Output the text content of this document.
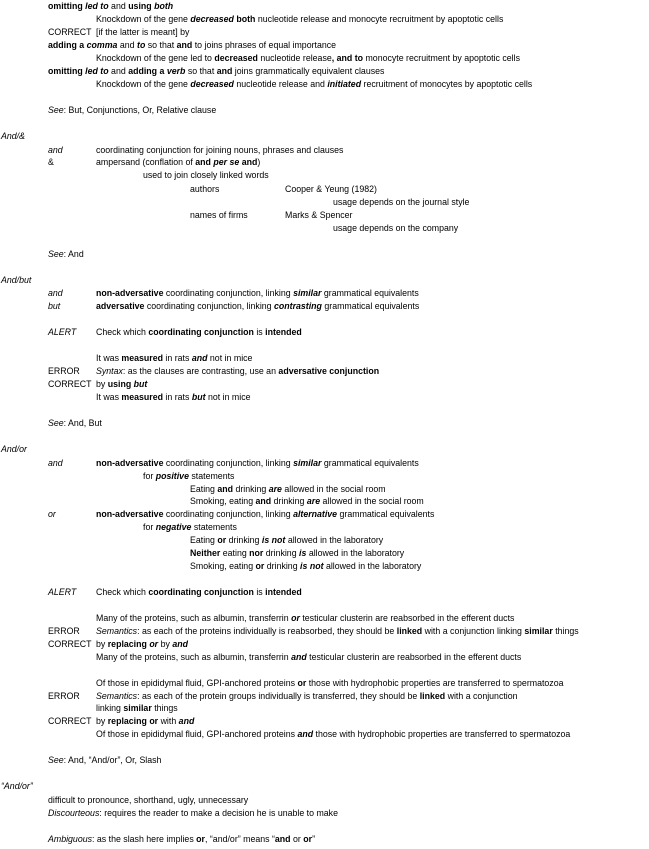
omitting led to and using both
Knockdown of the gene decreased both nucleotide release and monocyte recruitment by apoptotic cells
CORRECT [if the latter is meant] by
adding a comma and to so that and to joins phrases of equal importance
Knockdown of the gene led to decreased nucleotide release, and to monocyte recruitment by apoptotic cells
omitting led to and adding a verb so that and joins grammatically equivalent clauses
Knockdown of the gene decreased nucleotide release and initiated recruitment of monocytes by apoptotic cells
See: But, Conjunctions, Or, Relative clause
And/&
and	coordinating conjunction for joining nouns, phrases and clauses
&	ampersand (conflation of and per se and)
used to join closely linked words
authors	Cooper & Yeung (1982)
usage depends on the journal style
names of firms	Marks & Spencer
usage depends on the company
See: And
And/but
and	non-adversative coordinating conjunction, linking similar grammatical equivalents
but	adversative coordinating conjunction, linking contrasting grammatical equivalents
ALERT Check which coordinating conjunction is intended
It was measured in rats and not in mice
ERROR Syntax: as the clauses are contrasting, use an adversative conjunction
CORRECT by using but
It was measured in rats but not in mice
See: And, But
And/or
and	non-adversative coordinating conjunction, linking similar grammatical equivalents
for positive statements
Eating and drinking are allowed in the social room
Smoking, eating and drinking are allowed in the social room
or	non-adversative coordinating conjunction, linking alternative grammatical equivalents
for negative statements
Eating or drinking is not allowed in the laboratory
Neither eating nor drinking is allowed in the laboratory
Smoking, eating or drinking is not allowed in the laboratory
ALERT Check which coordinating conjunction is intended
Many of the proteins, such as albumin, transferrin or testicular clusterin are reabsorbed in the efferent ducts
ERROR Semantics: as each of the proteins individually is reabsorbed, they should be linked with a conjunction linking similar things
CORRECT by replacing or by and
Many of the proteins, such as albumin, transferrin and testicular clusterin are reabsorbed in the efferent ducts
Of those in epididymal fluid, GPI-anchored proteins or those with hydrophobic properties are transferred to spermatozoa
ERROR Semantics: as each of the protein groups individually is transferred, they should be linked with a conjunction
linking similar things
CORRECT by replacing or with and
Of those in epididymal fluid, GPI-anchored proteins and those with hydrophobic properties are transferred to spermatozoa
See: And, “And/or”, Or, Slash
“And/or”
difficult to pronounce, shorthand, ugly, unnecessary
Discourteous: requires the reader to make a decision he is unable to make
Ambiguous: as the slash here implies or, “and/or” means “and or or”
